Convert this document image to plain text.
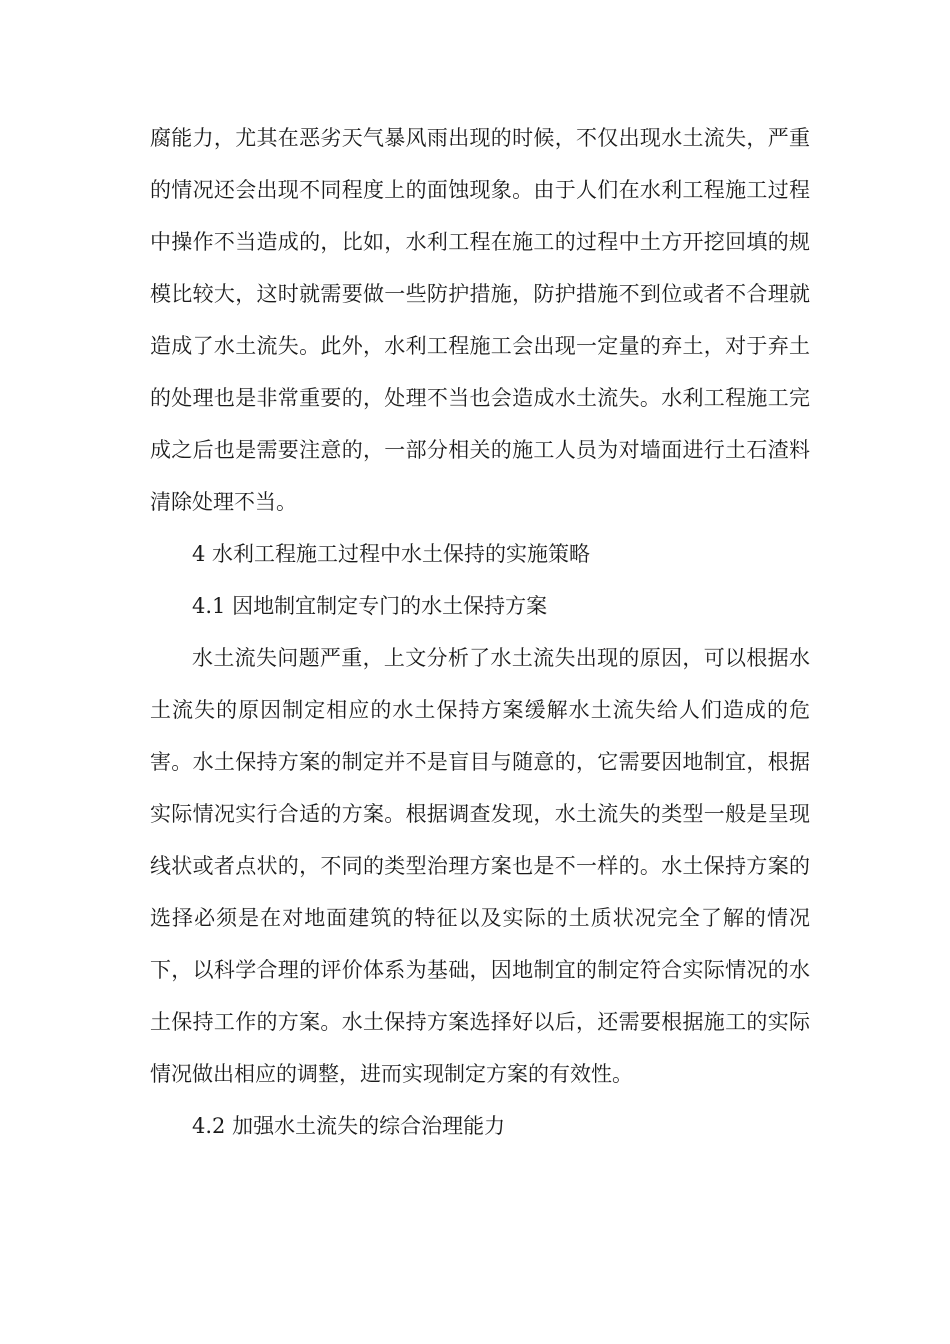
腐能力，尤其在恶劣天气暴风雨出现的时候，不仅出现水土流失，严重的情况还会出现不同程度上的面蚀现象。由于人们在水利工程施工过程中操作不当造成的，比如，水利工程在施工的过程中土方开挖回填的规模比较大，这时就需要做一些防护措施，防护措施不到位或者不合理就造成了水土流失。此外，水利工程施工会出现一定量的弃土，对于弃土的处理也是非常重要的，处理不当也会造成水土流失。水利工程施工完成之后也是需要注意的，一部分相关的施工人员为对墙面进行土石渣料清除处理不当。

4 水利工程施工过程中水土保持的实施策略

4.1 因地制宜制定专门的水土保持方案

水土流失问题严重，上文分析了水土流失出现的原因，可以根据水土流失的原因制定相应的水土保持方案缓解水土流失给人们造成的危害。水土保持方案的制定并不是盲目与随意的，它需要因地制宜，根据实际情况实行合适的方案。根据调查发现，水土流失的类型一般是呈现线状或者点状的，不同的类型治理方案也是不一样的。水土保持方案的选择必须是在对地面建筑的特征以及实际的土质状况完全了解的情况下，以科学合理的评价体系为基础，因地制宜的制定符合实际情况的水土保持工作的方案。水土保持方案选择好以后，还需要根据施工的实际情况做出相应的调整，进而实现制定方案的有效性。

4.2 加强水土流失的综合治理能力
